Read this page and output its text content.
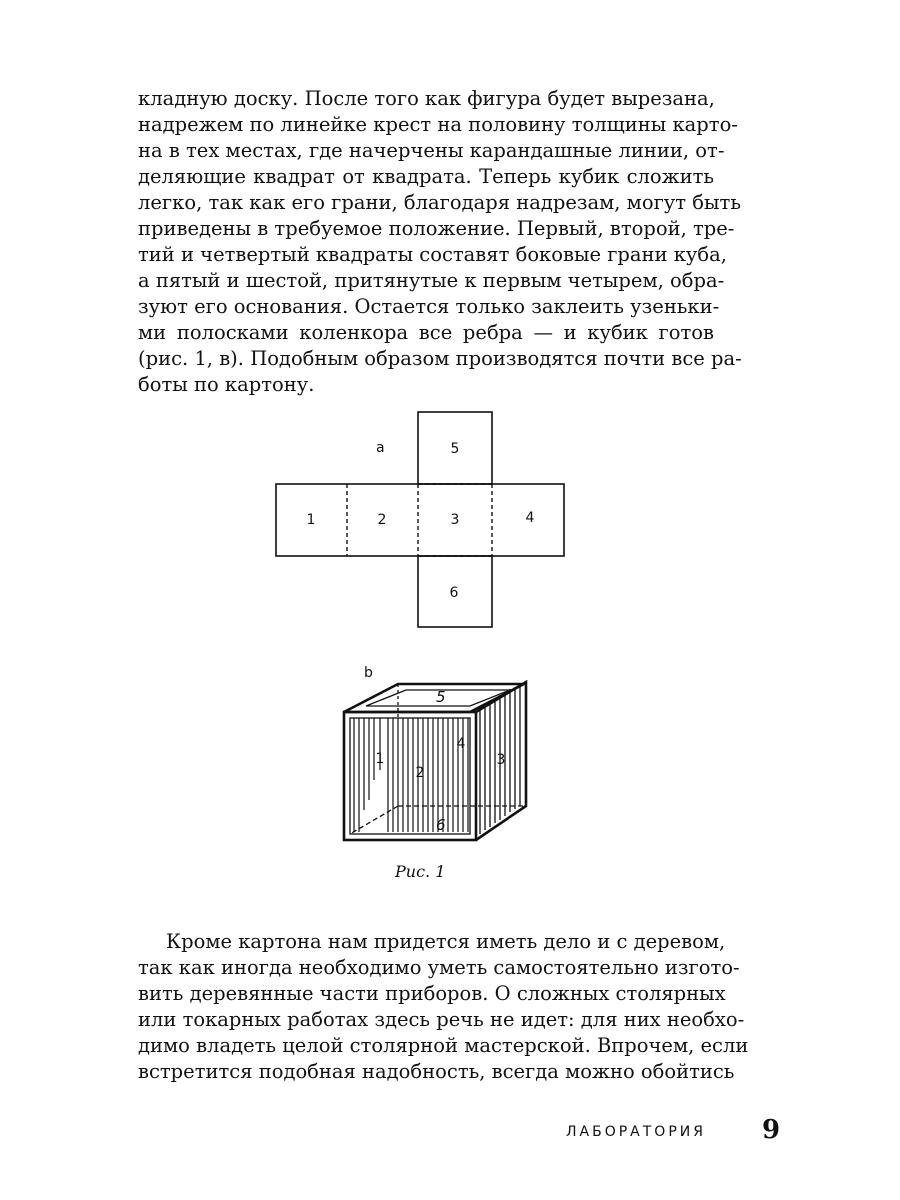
кладную доску. После того как фигура будет вырезана,
надрежем по линейке крест на половину толщины карто-
на в тех местах, где начерчены карандашные линии, от-
деляющие квадрат от квадрата. Теперь кубик сложить
легко, так как его грани, благодаря надрезам, могут быть
приведены в требуемое положение. Первый, второй, тре-
тий и четвертый квадраты составят боковые грани куба,
а пятый и шестой, притянутые к первым четырем, обра-
зуют его основания. Остается только заклеить узеньки-
ми полосками коленкора все ребра — и кубик готов
(рис. 1, в). Подобным образом производятся почти все ра-
боты по картону.
a
1	2	3	4
5
6
b
1
2
3
4
5
6
Рис. 1
Кроме картона нам придется иметь дело и с деревом,
так как иногда необходимо уметь самостоятельно изгото-
вить деревянные части приборов. О сложных столярных
или токарных работах здесь речь не идет: для них необхо-
димо владеть целой столярной мастерской. Впрочем, если
встретится подобная надобность, всегда можно обойтись
ЛАБОРАТОРИЯ 9
